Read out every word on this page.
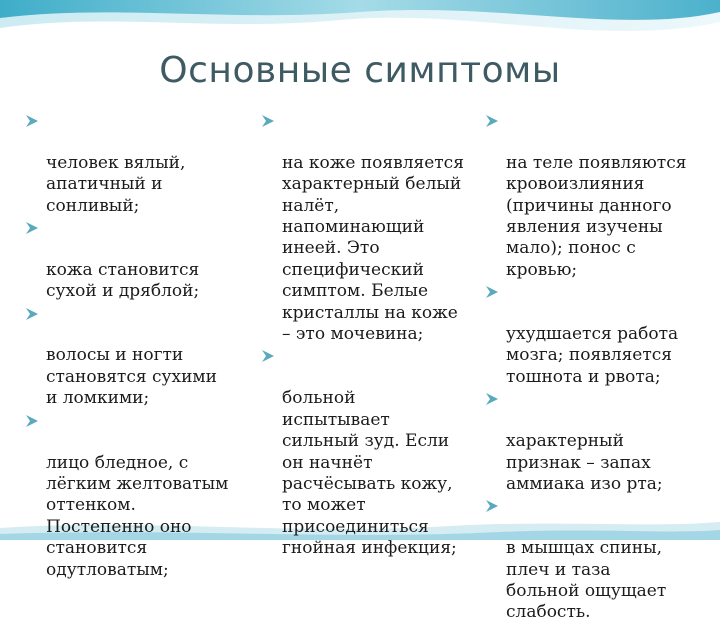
Основные симптомы

человек вялый,
апатичный и
сонливый;

кожа становится
сухой и дряблой;

волосы и ногти
становятся сухими
и ломкими;

лицо бледное, с
лёгким желтоватым
оттенком.
Постепенно оно
становится
одутловатым;

на коже появляется
характерный белый
налёт,
напоминающий
инеей. Это
специфический
симптом. Белые
кристаллы на коже
– это мочевина;

больной
испытывает
сильный зуд. Если
он начнёт
расчёсывать кожу,
то может
присоединиться
гнойная инфекция;

на теле появляются
кровоизлияния
(причины данного
явления изучены
мало); понос с
кровью;

ухудшается работа
мозга; появляется
тошнота и рвота;

характерный
признак – запах
аммиака изо рта;

в мышцах спины,
плеч и таза
больной ощущает
слабость.
